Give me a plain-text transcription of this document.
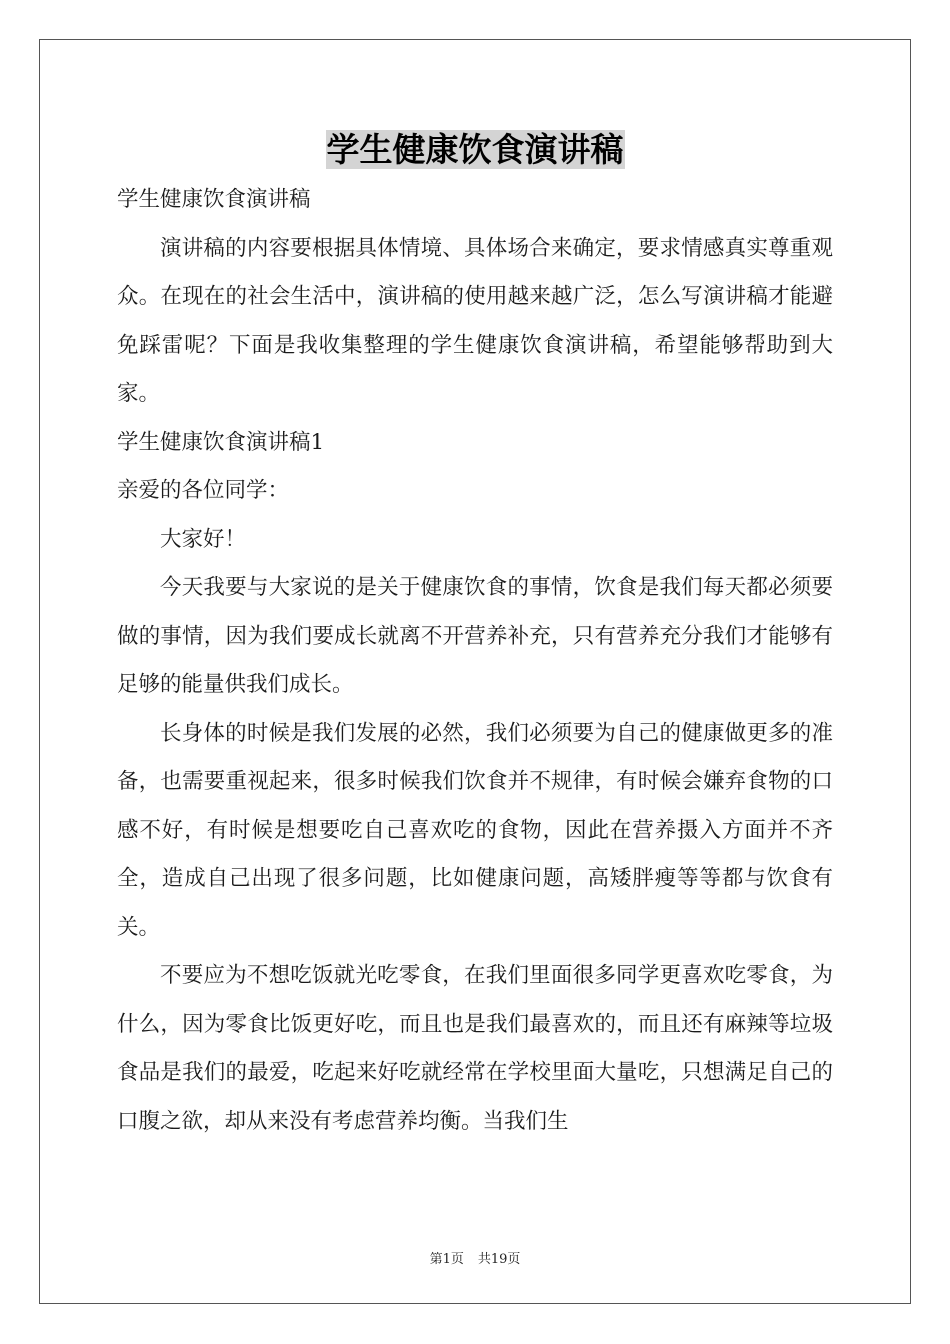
学生健康饮食演讲稿

学生健康饮食演讲稿

演讲稿的内容要根据具体情境、具体场合来确定，要求情感真实尊重观众。在现在的社会生活中，演讲稿的使用越来越广泛，怎么写演讲稿才能避免踩雷呢？下面是我收集整理的学生健康饮食演讲稿，希望能够帮助到大家。

学生健康饮食演讲稿1

亲爱的各位同学：

大家好！

今天我要与大家说的是关于健康饮食的事情，饮食是我们每天都必须要做的事情，因为我们要成长就离不开营养补充，只有营养充分我们才能够有足够的能量供我们成长。

长身体的时候是我们发展的必然，我们必须要为自己的健康做更多的准备，也需要重视起来，很多时候我们饮食并不规律，有时候会嫌弃食物的口感不好，有时候是想要吃自己喜欢吃的食物，因此在营养摄入方面并不齐全，造成自己出现了很多问题，比如健康问题，高矮胖瘦等等都与饮食有关。

不要应为不想吃饭就光吃零食，在我们里面很多同学更喜欢吃零食，为什么，因为零食比饭更好吃，而且也是我们最喜欢的，而且还有麻辣等垃圾食品是我们的最爱，吃起来好吃就经常在学校里面大量吃，只想满足自己的口腹之欲，却从来没有考虑营养均衡。当我们生

第1页 共19页
